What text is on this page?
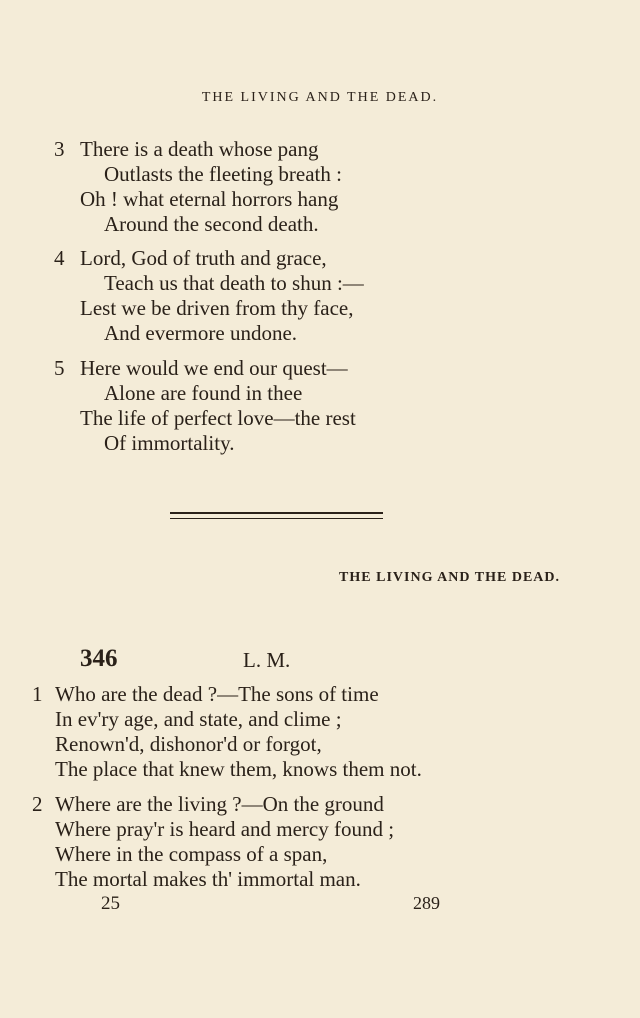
THE LIVING AND THE DEAD.
3 There is a death whose pang
Outlasts the fleeting breath :
Oh ! what eternal horrors hang
Around the second death.
4 Lord, God of truth and grace,
Teach us that death to shun :—
Lest we be driven from thy face,
And evermore undone.
5 Here would we end our quest—
Alone are found in thee
The life of perfect love—the rest
Of immortality.
THE LIVING AND THE DEAD.
346	L. M.
1 Who are the dead ?—The sons of time
In ev'ry age, and state, and clime ;
Renown'd, dishonor'd or forgot,
The place that knew them, knows them not.
2 Where are the living ?—On the ground
Where pray'r is heard and mercy found ;
Where in the compass of a span,
The mortal makes th' immortal man.
25	289
